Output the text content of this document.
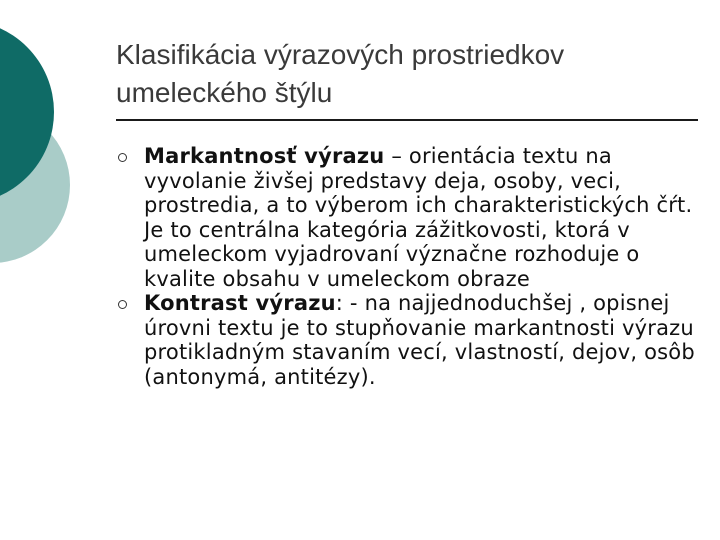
Klasifikácia výrazových prostriedkov
umeleckého štýlu
Markantnosť výrazu – orientácia textu na vyvolanie živšej predstavy deja, osoby, veci, prostredia, a to výberom ich charakteristických čŕt. Je to centrálna kategória zážitkovosti, ktorá v umeleckom vyjadrovaní význačne rozhoduje o kvalite obsahu v umeleckom obraze
Kontrast výrazu: - na najjednoduchšej , opisnej úrovni textu je to stupňovanie markantnosti výrazu protikladným stavaním vecí, vlastností, dejov, osôb (antonymá, antitézy).
